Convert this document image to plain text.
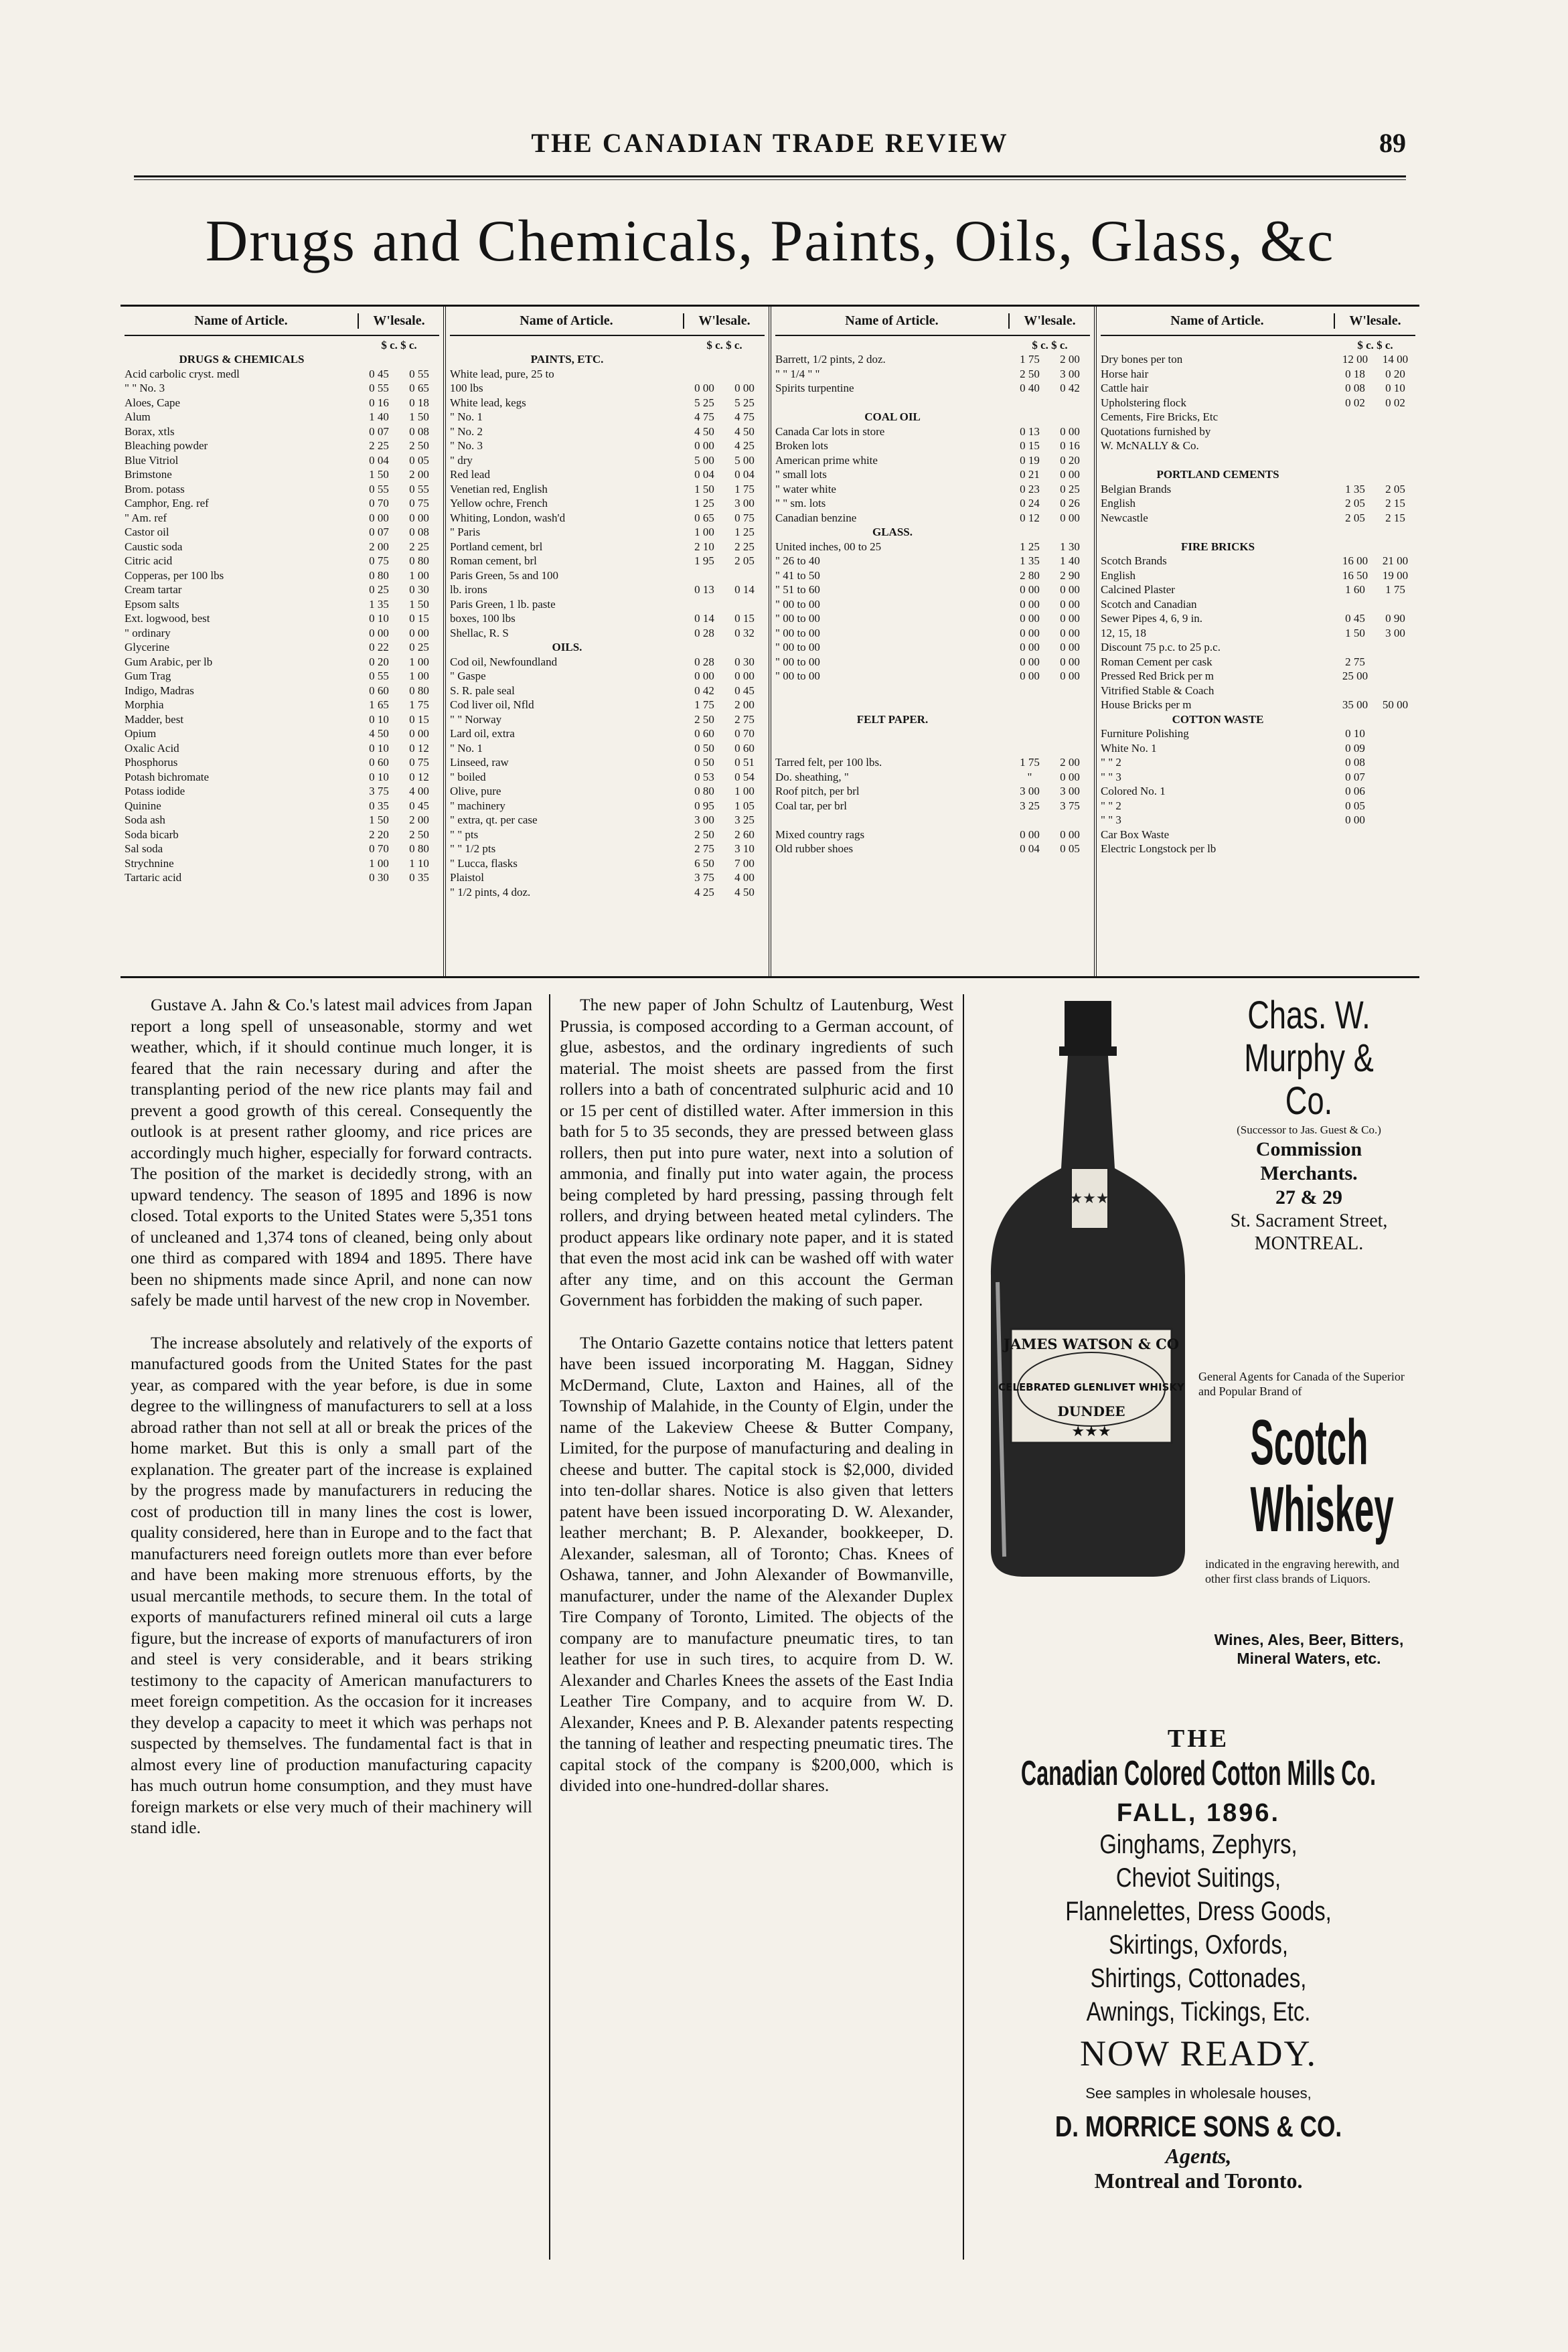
THE CANADIAN TRADE REVIEW	89
Drugs and Chemicals, Paints, Oils, Glass, &c
Name of Article.	W'lesale.
$ c. $ c.
DRUGS & CHEMICALS
Acid carbolic cryst. medl	0 45	0 55
" " No. 3	0 55	0 65
Aloes, Cape	0 16	0 18
Alum	1 40	1 50
Borax, xtls	0 07	0 08
Bleaching powder	2 25	2 50
Blue Vitriol	0 04	0 05
Brimstone	1 50	2 00
Brom. potass	0 55	0 55
Camphor, Eng. ref	0 70	0 75
" Am. ref	0 00	0 00
Castor oil	0 07	0 08
Caustic soda	2 00	2 25
Citric acid	0 75	0 80
Copperas, per 100 lbs	0 80	1 00
Cream tartar	0 25	0 30
Epsom salts	1 35	1 50
Ext. logwood, best	0 10	0 15
" ordinary	0 00	0 00
Glycerine	0 22	0 25
Gum Arabic, per lb	0 20	1 00
Gum Trag	0 55	1 00
Indigo, Madras	0 60	0 80
Morphia	1 65	1 75
Madder, best	0 10	0 15
Opium	4 50	0 00
Oxalic Acid	0 10	0 12
Phosphorus	0 60	0 75
Potash bichromate	0 10	0 12
Potass iodide	3 75	4 00
Quinine	0 35	0 45
Soda ash	1 50	2 00
Soda bicarb	2 20	2 50
Sal soda	0 70	0 80
Strychnine	1 00	1 10
Tartaric acid	0 30	0 35
Name of Article.	W'lesale.
$ c. $ c.
PAINTS, ETC.
White lead, pure, 25 to
100 lbs	0 00	0 00
White lead, kegs	5 25	5 25
" No. 1	4 75	4 75
" No. 2	4 50	4 50
" No. 3	0 00	4 25
" dry	5 00	5 00
Red lead	0 04	0 04
Venetian red, English	1 50	1 75
Yellow ochre, French	1 25	3 00
Whiting, London, wash'd	0 65	0 75
" Paris	1 00	1 25
Portland cement, brl	2 10	2 25
Roman cement, brl	1 95	2 05
Paris Green, 5s and 100
lb. irons	0 13	0 14
Paris Green, 1 lb. paste
boxes, 100 lbs	0 14	0 15
Shellac, R. S	0 28	0 32
OILS.
Cod oil, Newfoundland	0 28	0 30
" Gaspe	0 00	0 00
S. R. pale seal	0 42	0 45
Cod liver oil, Nfld	1 75	2 00
" " Norway	2 50	2 75
Lard oil, extra	0 60	0 70
" No. 1	0 50	0 60
Linseed, raw	0 50	0 51
" boiled	0 53	0 54
Olive, pure	0 80	1 00
" machinery	0 95	1 05
" extra, qt. per case	3 00	3 25
" " pts	2 50	2 60
" " 1/2 pts	2 75	3 10
" Lucca, flasks	6 50	7 00
Plaistol	3 75	4 00
" 1/2 pints, 4 doz.	4 25	4 50
Name of Article.	W'lesale.
$ c. $ c.
Barrett, 1/2 pints, 2 doz.	1 75	2 00
" " 1/4 " "	2 50	3 00
Spirits turpentine	0 40	0 42

COAL OIL
Canada Car lots in store	0 13	0 00
Broken lots	0 15	0 16
American prime white	0 19	0 20
" small lots	0 21	0 00
" water white	0 23	0 25
" " sm. lots	0 24	0 26
Canadian benzine	0 12	0 00
GLASS.
United inches, 00 to 25	1 25	1 30
" 26 to 40	1 35	1 40
" 41 to 50	2 80	2 90
" 51 to 60	0 00	0 00
" 00 to 00	0 00	0 00
" 00 to 00	0 00	0 00
" 00 to 00	0 00	0 00
" 00 to 00	0 00	0 00
" 00 to 00	0 00	0 00
" 00 to 00	0 00	0 00

FELT PAPER.

Tarred felt, per 100 lbs.	1 75	2 00
Do. sheathing, "	"	0 00
Roof pitch, per brl	3 00	3 00
Coal tar, per brl	3 25	3 75

Mixed country rags	0 00	0 00
Old rubber shoes	0 04	0 05
Name of Article.	W'lesale.
$ c. $ c.
Dry bones per ton	12 00	14 00
Horse hair	0 18	0 20
Cattle hair	0 08	0 10
Upholstering flock	0 02	0 02
Cements, Fire Bricks, Etc
Quotations furnished by
W. McNALLY & Co.

PORTLAND CEMENTS
Belgian Brands	1 35	2 05
English	2 05	2 15
Newcastle	2 05	2 15

FIRE BRICKS
Scotch Brands	16 00	21 00
English	16 50	19 00
Calcined Plaster	1 60	1 75
Scotch and Canadian
Sewer Pipes 4, 6, 9 in.	0 45	0 90
12, 15, 18	1 50	3 00
Discount 75 p.c. to 25 p.c.
Roman Cement per cask	2 75
Pressed Red Brick per m	25 00
Vitrified Stable & Coach
House Bricks per m	35 00	50 00
COTTON WASTE
Furniture Polishing	0 10
White No. 1	0 09
" " 2	0 08
" " 3	0 07
Colored No. 1	0 06
" " 2	0 05
" " 3	0 00
Car Box Waste
Electric Longstock per lb

Gustave A. Jahn & Co.'s latest mail advices from Japan report a long spell of unseasonable, stormy and wet weather, which, if it should continue much longer, it is feared that the rain necessary during and after the transplanting period of the new rice plants may fail and prevent a good growth of this cereal. Consequently the outlook is at present rather gloomy, and rice prices are accordingly much higher, especially for forward contracts. The position of the market is decidedly strong, with an upward tendency. The season of 1895 and 1896 is now closed. Total exports to the United States were 5,351 tons of uncleaned and 1,374 tons of cleaned, being only about one third as compared with 1894 and 1895. There have been no shipments made since April, and none can now safely be made until harvest of the new crop in November.

The increase absolutely and relatively of the exports of manufactured goods from the United States for the past year, as compared with the year before, is due in some degree to the willingness of manufacturers to sell at a loss abroad rather than not sell at all or break the prices of the home market. But this is only a small part of the explanation. The greater part of the increase is explained by the progress made by manufacturers in reducing the cost of production till in many lines the cost is lower, quality considered, here than in Europe and to the fact that manufacturers need foreign outlets more than ever before and have been making more strenuous efforts, by the usual mercantile methods, to secure them. In the total of exports of manufacturers refined mineral oil cuts a large figure, but the increase of exports of manufacturers of iron and steel is very considerable, and it bears striking testimony to the capacity of American manufacturers to meet foreign competition. As the occasion for it increases they develop a capacity to meet it which was perhaps not suspected by themselves. The fundamental fact is that in almost every line of production manufacturing capacity has much outrun home consumption, and they must have foreign markets or else very much of their machinery will stand idle.

The new paper of John Schultz of Lautenburg, West Prussia, is composed according to a German account, of glue, asbestos, and the ordinary ingredients of such material. The moist sheets are passed from the first rollers into a bath of concentrated sulphuric acid and 10 or 15 per cent of distilled water. After immersion in this bath for 5 to 35 seconds, they are pressed between glass rollers, then put into pure water, next into a solution of ammonia, and finally put into water again, the process being completed by hard pressing, passing through felt rollers, and drying between heated metal cylinders. The product appears like ordinary note paper, and it is stated that even the most acid ink can be washed off with water after any time, and on this account the German Government has forbidden the making of such paper.

The Ontario Gazette contains notice that letters patent have been issued incorporating M. Haggan, Sidney McDermand, Clute, Laxton and Haines, all of the Township of Malahide, in the County of Elgin, under the name of the Lakeview Cheese & Butter Company, Limited, for the purpose of manufacturing and dealing in cheese and butter. The capital stock is $2,000, divided into ten-dollar shares. Notice is also given that letters patent have been issued incorporating D. W. Alexander, leather merchant; B. P. Alexander, bookkeeper, D. Alexander, salesman, all of Toronto; Chas. Knees of Oshawa, tanner, and John Alexander of Bowmanville, manufacturer, under the name of the Alexander Duplex Tire Company of Toronto, Limited. The objects of the company are to manufacture pneumatic tires, to tan leather for use in such tires, to acquire from D. W. Alexander and Charles Knees the assets of the East India Leather Tire Company, and to acquire from W. D. Alexander, Knees and P. B. Alexander patents respecting the tanning of leather and respecting pneumatic tires. The capital stock of the company is $200,000, which is divided into one-hundred-dollar shares.

★★★
JAMES WATSON & CO
CELEBRATED GLENLIVET WHISKY
DUNDEE
★★★
Chas. W. Murphy & Co.
(Successor to Jas. Guest & Co.)
Commission Merchants.
27 & 29
St. Sacrament Street,
MONTREAL.
General Agents for Canada of the Superior and Popular Brand of
Scotch Whiskey
indicated in the engraving herewith, and other first class brands of Liquors.
Wines, Ales, Beer, Bitters, Mineral Waters, etc.
THE
Canadian Colored Cotton Mills Co.
FALL, 1896.
Ginghams, Zephyrs,
Cheviot Suitings,
Flannelettes, Dress Goods,
Skirtings, Oxfords,
Shirtings, Cottonades,
Awnings, Tickings, Etc.
NOW READY.
See samples in wholesale houses,
D. MORRICE SONS & CO.
Agents,
Montreal and Toronto.
